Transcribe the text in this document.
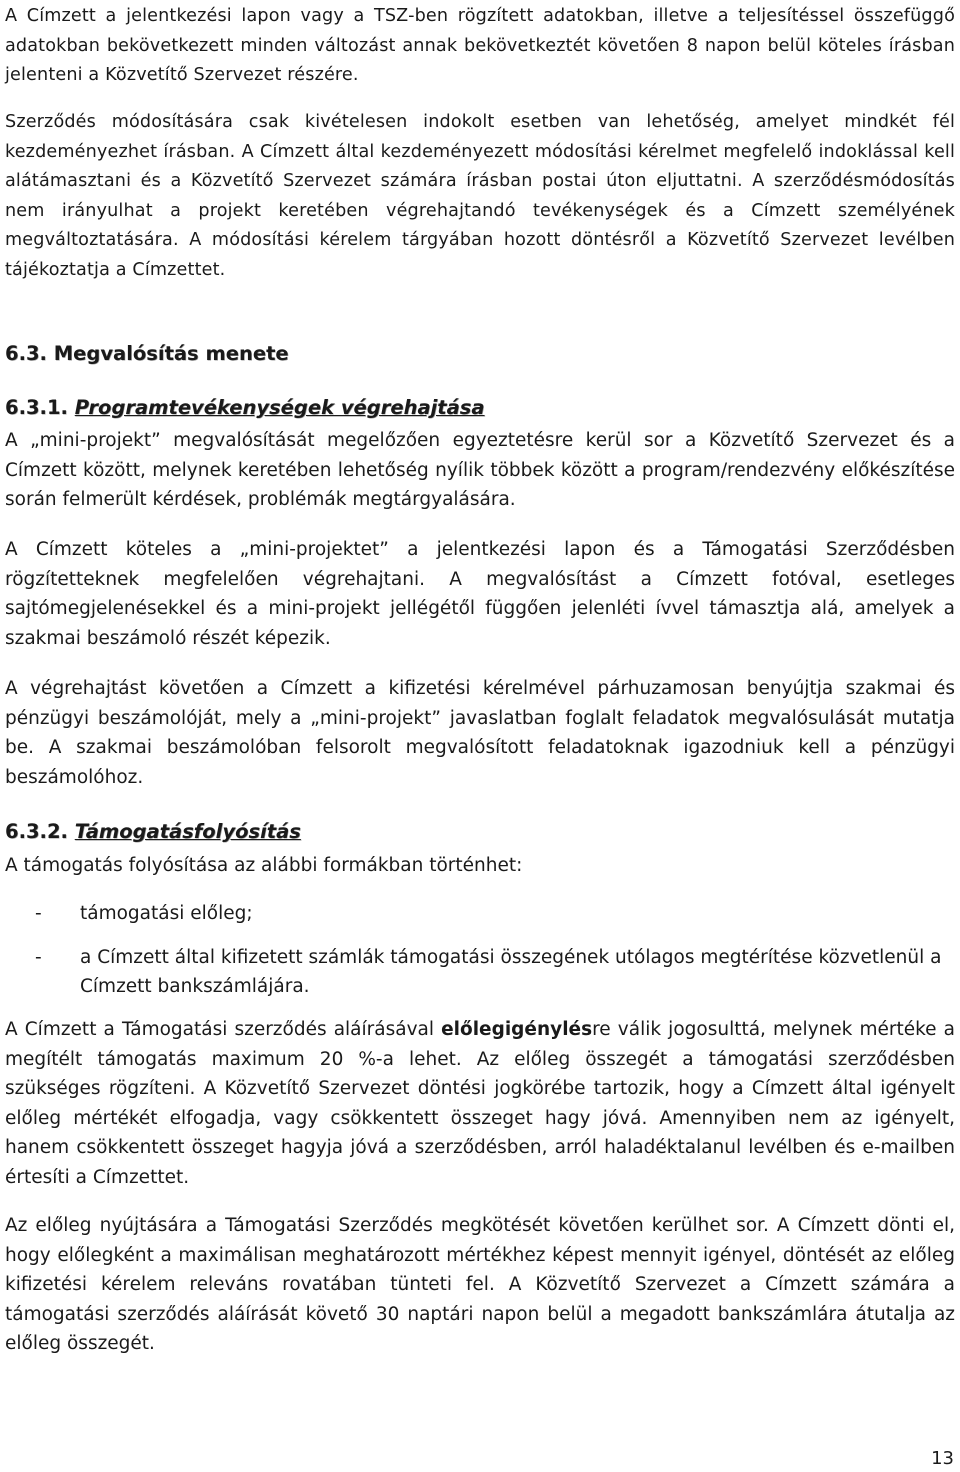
A Címzett a jelentkezési lapon vagy a TSZ-ben rögzített adatokban, illetve a teljesítéssel összefüggő adatokban bekövetkezett minden változást annak bekövetkeztét követően 8 napon belül köteles írásban jelenteni a Közvetítő Szervezet részére.

Szerződés módosítására csak kivételesen indokolt esetben van lehetőség, amelyet mindkét fél kezdeményezhet írásban. A Címzett által kezdeményezett módosítási kérelmet megfelelő indoklással kell alátámasztani és a Közvetítő Szervezet számára írásban postai úton eljuttatni. A szerződésmódosítás nem irányulhat a projekt keretében végrehajtandó tevékenységek és a Címzett személyének megváltoztatására. A módosítási kérelem tárgyában hozott döntésről a Közvetítő Szervezet levélben tájékoztatja a Címzettet.

6.3. Megvalósítás menete
6.3.1. Programtevékenységek végrehajtása

A „mini-projekt” megvalósítását megelőzően egyeztetésre kerül sor a Közvetítő Szervezet és a Címzett között, melynek keretében lehetőség nyílik többek között a program/rendezvény előkészítése során felmerült kérdések, problémák megtárgyalására.

A Címzett köteles a „mini-projektet” a jelentkezési lapon és a Támogatási Szerződésben rögzítetteknek megfelelően végrehajtani. A megvalósítást a Címzett fotóval, esetleges sajtómegjelenésekkel és a mini-projekt jellégétől függően jelenléti ívvel támasztja alá, amelyek a szakmai beszámoló részét képezik.

A végrehajtást követően a Címzett a kifizetési kérelmével párhuzamosan benyújtja szakmai és pénzügyi beszámolóját, mely a „mini-projekt” javaslatban foglalt feladatok megvalósulását mutatja be. A szakmai beszámolóban felsorolt megvalósított feladatoknak igazodniuk kell a pénzügyi beszámolóhoz.

6.3.2. Támogatásfolyósítás

A támogatás folyósítása az alábbi formákban történhet:

-	támogatási előleg;
-	a Címzett által kifizetett számlák támogatási összegének utólagos megtérítése közvetlenül a Címzett bankszámlájára.

A Címzett a Támogatási szerződés aláírásával előlegigénylésre válik jogosulttá, melynek mértéke a megítélt támogatás maximum 20 %-a lehet. Az előleg összegét a támogatási szerződésben szükséges rögzíteni. A Közvetítő Szervezet döntési jogkörébe tartozik, hogy a Címzett által igényelt előleg mértékét elfogadja, vagy csökkentett összeget hagy jóvá. Amennyiben nem az igényelt, hanem csökkentett összeget hagyja jóvá a szerződésben, arról haladéktalanul levélben és e-mailben értesíti a Címzettet.

Az előleg nyújtására a Támogatási Szerződés megkötését követően kerülhet sor. A Címzett dönti el, hogy előlegként a maximálisan meghatározott mértékhez képest mennyit igényel, döntését az előleg kifizetési kérelem releváns rovatában tünteti fel. A Közvetítő Szervezet a Címzett számára a támogatási szerződés aláírását követő 30 naptári napon belül a megadott bankszámlára átutalja az előleg összegét.

13
